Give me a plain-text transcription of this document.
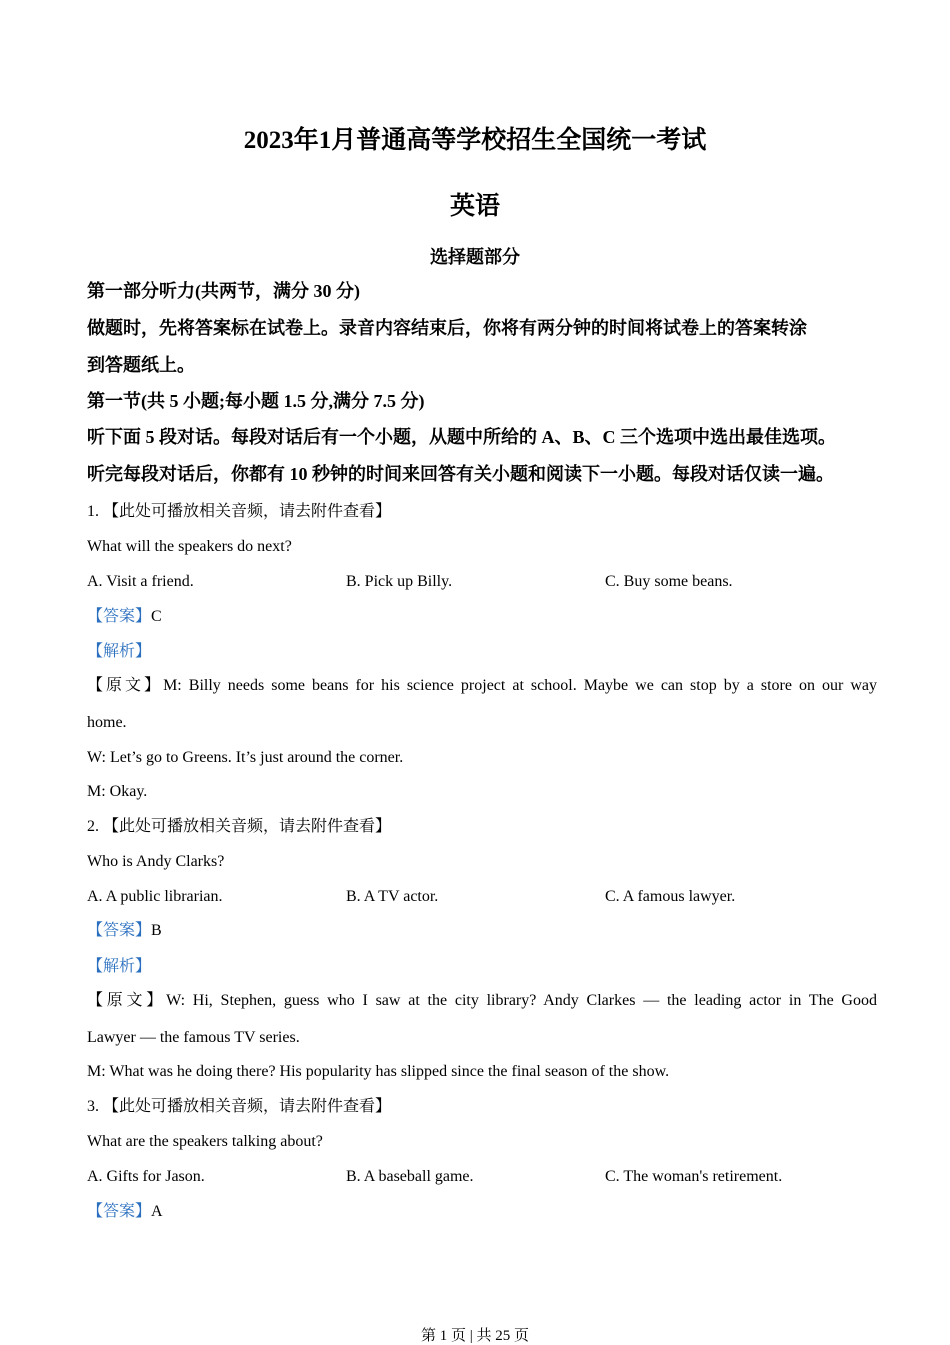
2023年1月普通高等学校招生全国统一考试
英语
选择题部分
第一部分听力(共两节，满分 30 分)
做题时，先将答案标在试卷上。录音内容结束后，你将有两分钟的时间将试卷上的答案转涂
到答题纸上。
第一节(共 5 小题;每小题 1.5 分,满分 7.5 分)
听下面 5 段对话。每段对话后有一个小题，从题中所给的 A、B、C 三个选项中选出最佳选项。
听完每段对话后，你都有 10 秒钟的时间来回答有关小题和阅读下一小题。每段对话仅读一遍。
1. 【此处可播放相关音频，请去附件查看】
What will the speakers do next?
A. Visit a friend.	B. Pick up Billy.	C. Buy some beans.
【答案】C
【解析】
【原文】M: Billy needs some beans for his science project at school. Maybe we can stop by a store on our way
home.
W: Let’s go to Greens. It’s just around the corner.
M: Okay.
2. 【此处可播放相关音频，请去附件查看】
Who is Andy Clarks?
A. A public librarian.	B. A TV actor.	C. A famous lawyer.
【答案】B
【解析】
【原文】W: Hi, Stephen, guess who I saw at the city library? Andy Clarkes — the leading actor in The Good
Lawyer — the famous TV series.
M: What was he doing there? His popularity has slipped since the final season of the show.
3. 【此处可播放相关音频，请去附件查看】
What are the speakers talking about?
A. Gifts for Jason.	B. A baseball game.	C. The woman's retirement.
【答案】A
第 1 页 | 共 25 页
